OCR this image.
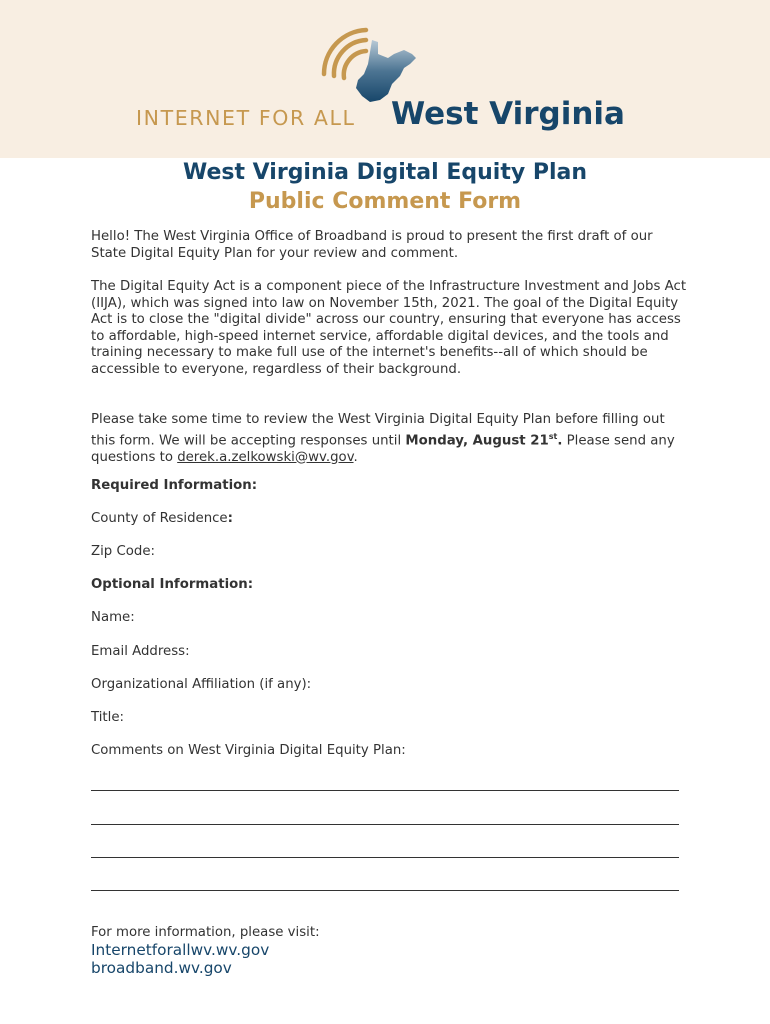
INTERNET FOR ALL West Virginia
West Virginia Digital Equity Plan
Public Comment Form

Hello! The West Virginia Office of Broadband is proud to present the first draft of our State Digital Equity Plan for your review and comment.

The Digital Equity Act is a component piece of the Infrastructure Investment and Jobs Act (IIJA), which was signed into law on November 15th, 2021. The goal of the Digital Equity Act is to close the "digital divide" across our country, ensuring that everyone has access to affordable, high-speed internet service, affordable digital devices, and the tools and training necessary to make full use of the internet's benefits--all of which should be accessible to everyone, regardless of their background.

Please take some time to review the West Virginia Digital Equity Plan before filling out this form. We will be accepting responses until Monday, August 21st. Please send any questions to derek.a.zelkowski@wv.gov.

Required Information:
County of Residence:
Zip Code:
Optional Information:
Name:
Email Address:
Organizational Affiliation (if any):
Title:
Comments on West Virginia Digital Equity Plan:
For more information, please visit:
Internetforallwv.wv.gov
broadband.wv.gov
